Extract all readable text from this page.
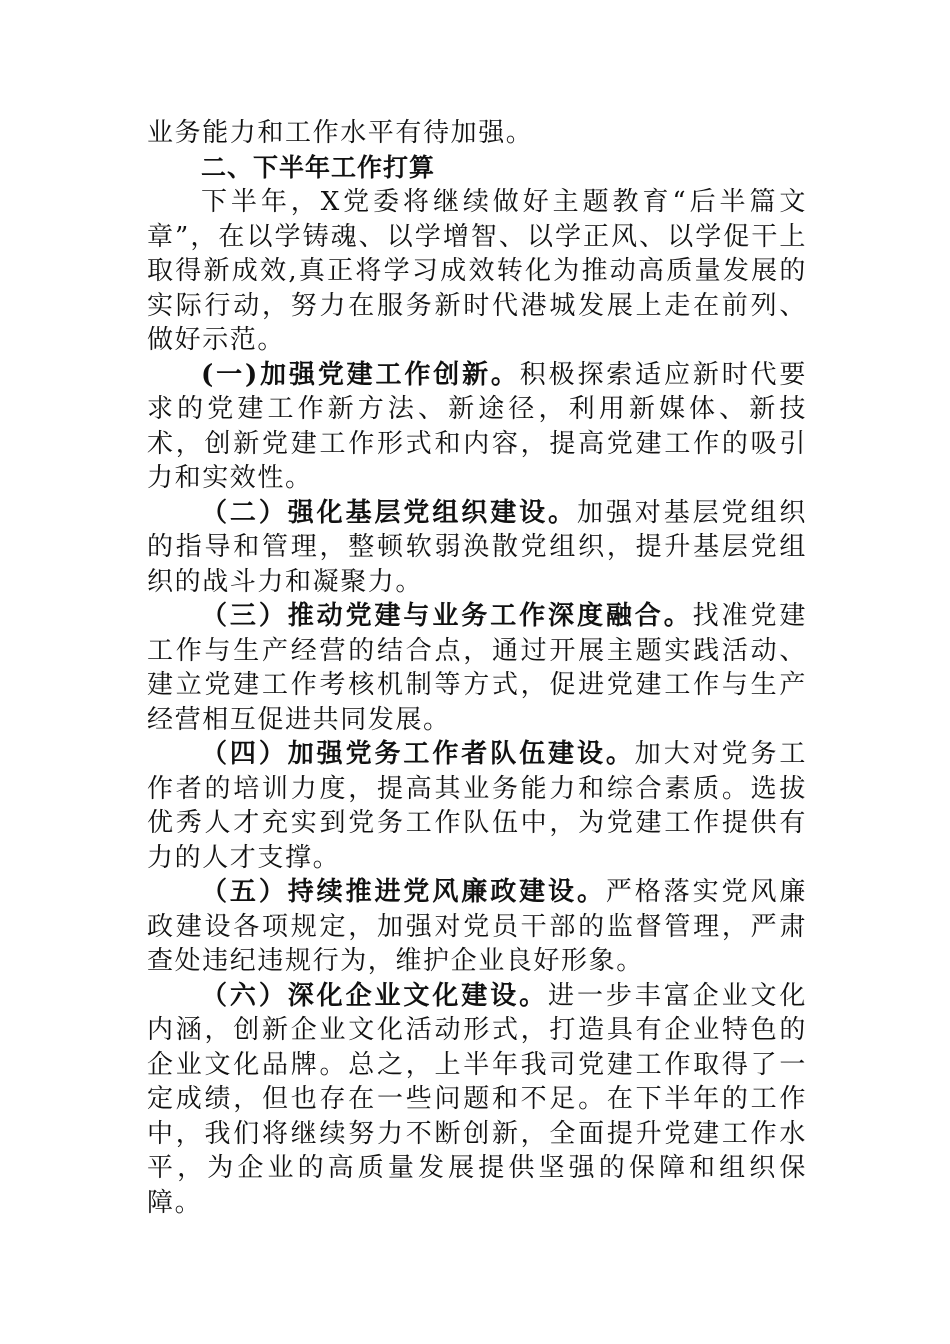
业务能力和工作水平有待加强。

二、下半年工作打算

下半年，X党委将继续做好主题教育“后半篇文章”，在以学铸魂、以学增智、以学正风、以学促干上取得新成效,真正将学习成效转化为推动高质量发展的实际行动，努力在服务新时代港城发展上走在前列、做好示范。

(一)加强党建工作创新。积极探索适应新时代要求的党建工作新方法、新途径，利用新媒体、新技术，创新党建工作形式和内容，提高党建工作的吸引力和实效性。

（二）强化基层党组织建设。加强对基层党组织的指导和管理，整顿软弱涣散党组织，提升基层党组织的战斗力和凝聚力。

（三）推动党建与业务工作深度融合。找准党建工作与生产经营的结合点，通过开展主题实践活动、建立党建工作考核机制等方式，促进党建工作与生产经营相互促进共同发展。

（四）加强党务工作者队伍建设。加大对党务工作者的培训力度，提高其业务能力和综合素质。选拔优秀人才充实到党务工作队伍中，为党建工作提供有力的人才支撑。

（五）持续推进党风廉政建设。严格落实党风廉政建设各项规定，加强对党员干部的监督管理，严肃查处违纪违规行为，维护企业良好形象。

（六）深化企业文化建设。进一步丰富企业文化内涵，创新企业文化活动形式，打造具有企业特色的企业文化品牌。总之，上半年我司党建工作取得了一定成绩，但也存在一些问题和不足。在下半年的工作中，我们将继续努力不断创新，全面提升党建工作水平，为企业的高质量发展提供坚强的保障和组织保障。
